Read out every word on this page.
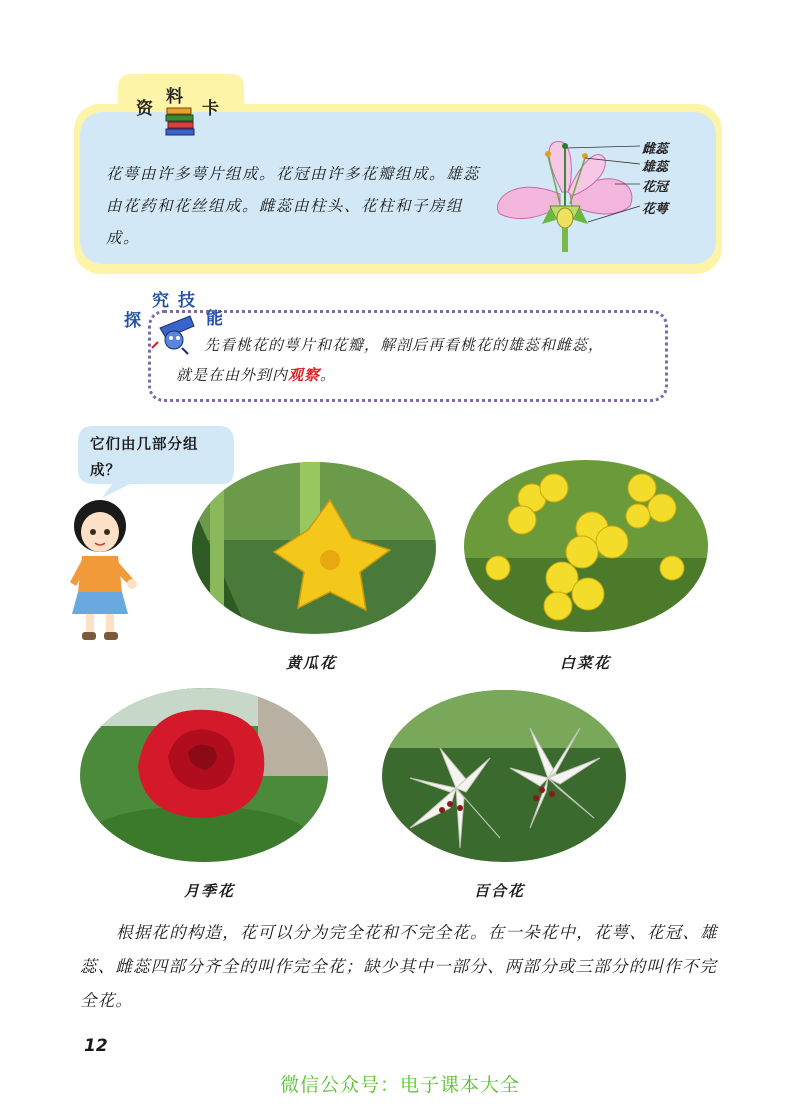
资
料
卡
花萼由许多萼片组成。花冠由许多花瓣组成。雄蕊由花药和花丝组成。雌蕊由柱头、花柱和子房组成。
雌蕊
雄蕊
花冠
花萼
探
究 技
能
先看桃花的萼片和花瓣，解剖后再看桃花的雄蕊和雌蕊，
就是在由外到内观察。
它们由几部分组成？
黄瓜花	白菜花
月季花	百合花
根据花的构造，花可以分为完全花和不完全花。在一朵花中，花萼、花冠、雄蕊、雌蕊四部分齐全的叫作完全花；缺少其中一部分、两部分或三部分的叫作不完全花。
12
微信公众号：电子课本大全
